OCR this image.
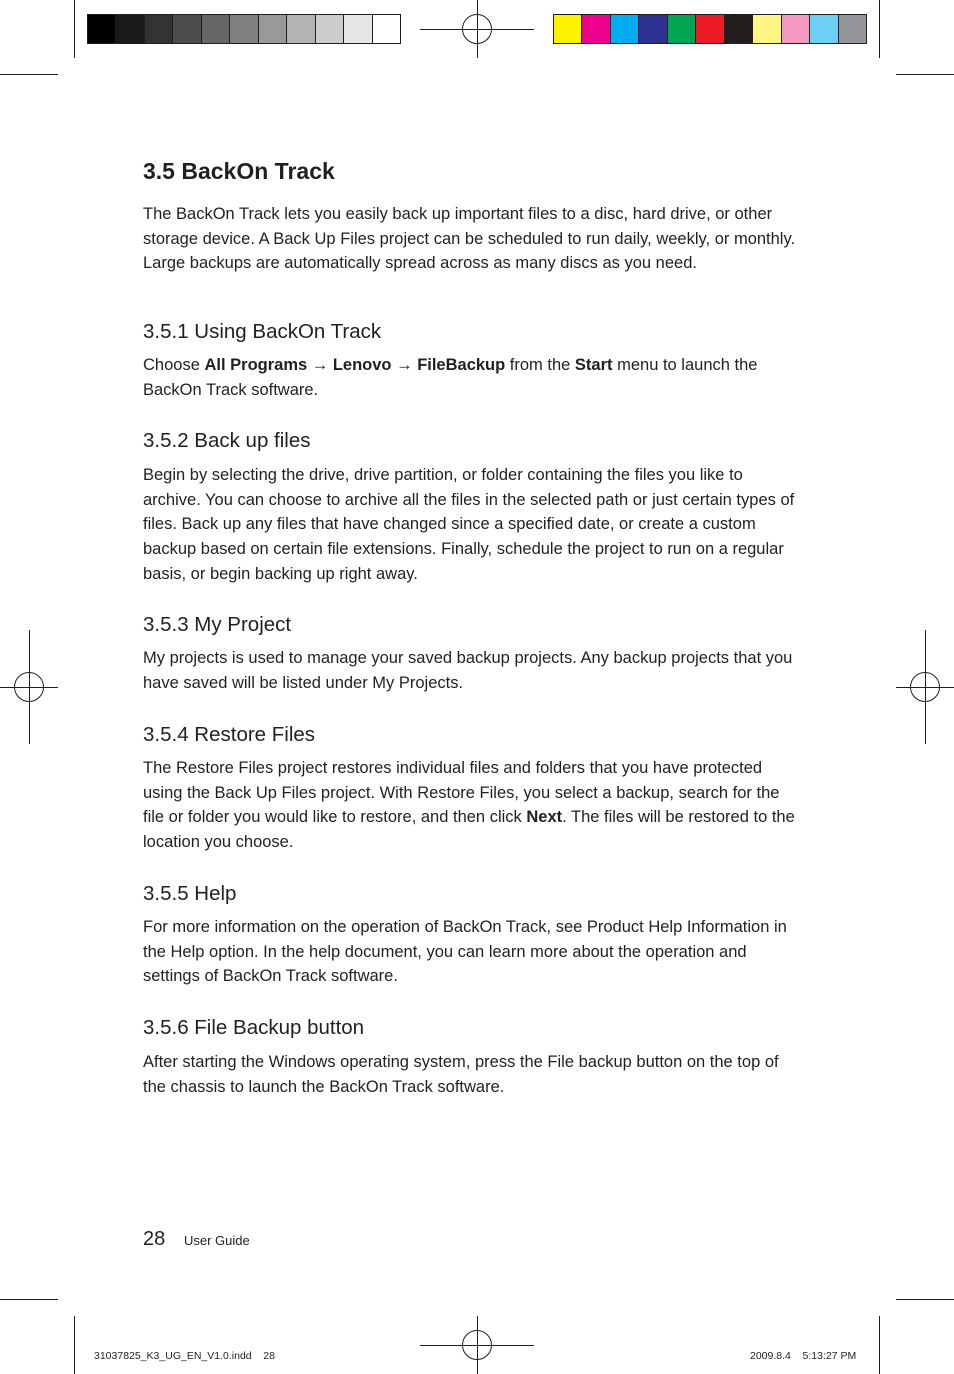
3.5 BackOn Track

The BackOn Track lets you easily back up important files to a disc, hard drive, or other storage device. A Back Up Files project can be scheduled to run daily, weekly, or monthly. Large backups are automatically spread across as many discs as you need.

3.5.1 Using BackOn Track

Choose All Programs → Lenovo → FileBackup from the Start menu to launch the BackOn Track software.

3.5.2 Back up files

Begin by selecting the drive, drive partition, or folder containing the files you like to archive. You can choose to archive all the files in the selected path or just certain types of files. Back up any files that have changed since a specified date, or create a custom backup based on certain file extensions. Finally, schedule the project to run on a regular basis, or begin backing up right away.

3.5.3 My Project

My projects is used to manage your saved backup projects. Any backup projects that you have saved will be listed under My Projects.

3.5.4 Restore Files

The Restore Files project restores individual files and folders that you have protected using the Back Up Files project. With Restore Files, you select a backup, search for the file or folder you would like to restore, and then click Next. The files will be restored to the location you choose.

3.5.5 Help

For more information on the operation of BackOn Track, see Product Help Information in the Help option. In the help document, you can learn more about the operation and settings of BackOn Track software.

3.5.6 File Backup button

After starting the Windows operating system, press the File backup button on the top of the chassis to launch the BackOn Track software.

28 User Guide
31037825_K3_UG_EN_V1.0.indd    28	2009.8.4    5:13:27 PM
